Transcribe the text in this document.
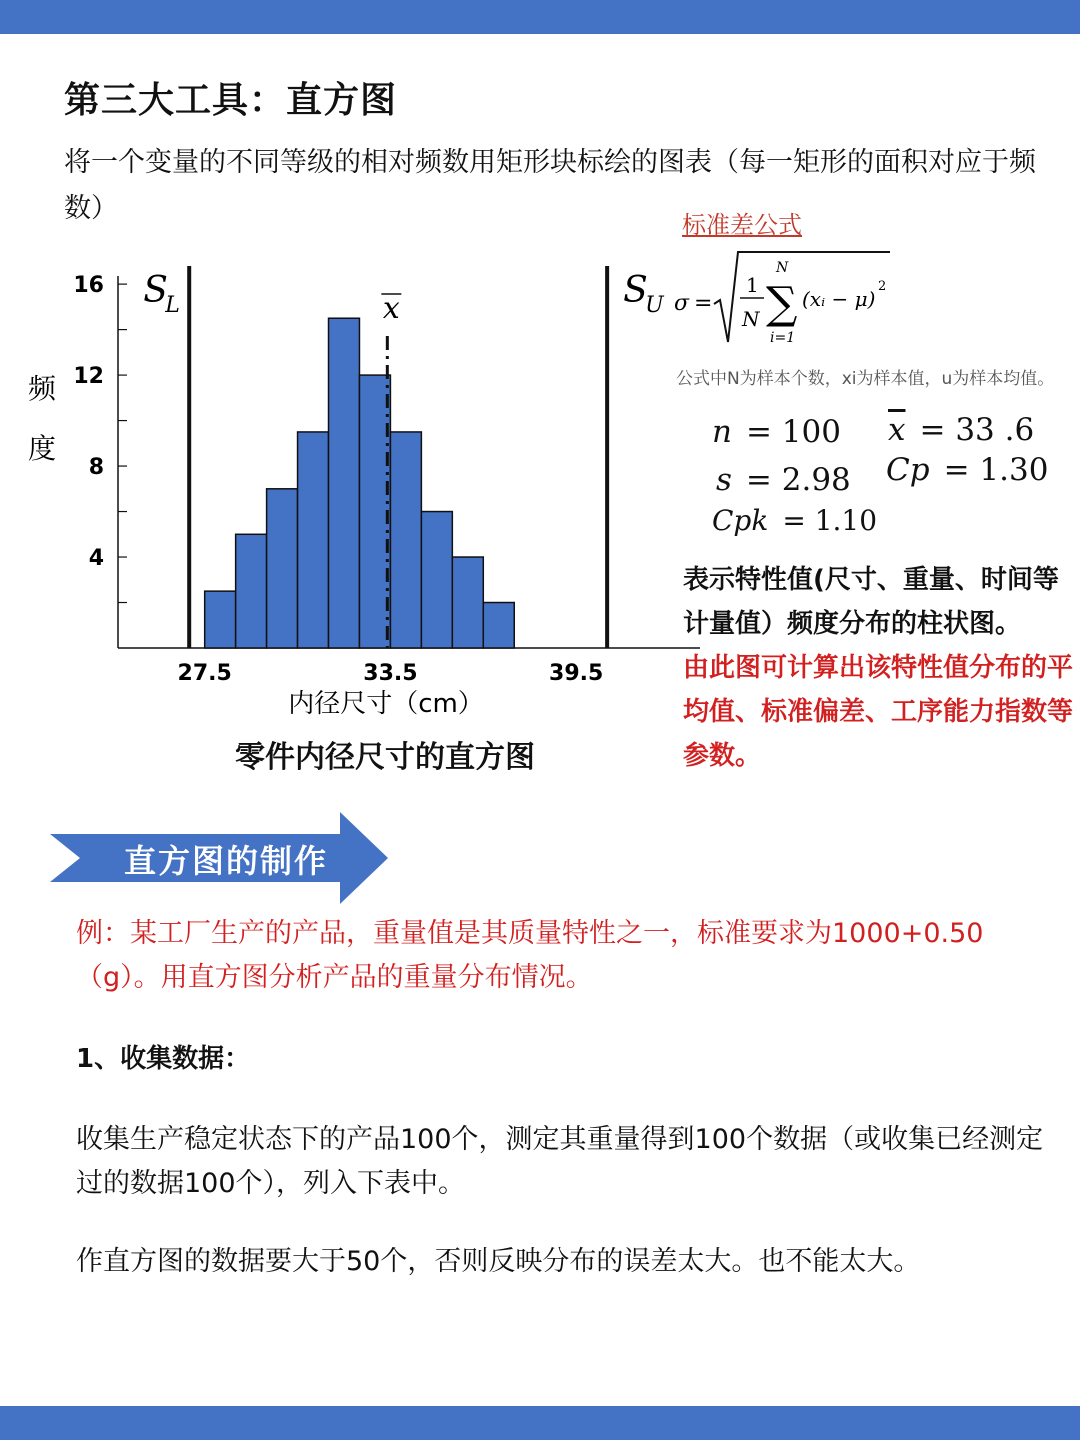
第三大工具：直方图
将一个变量的不同等级的相对频数用矩形块标绘的图表（每一矩形的面积对应于频数）
标准差公式
σ =
1
N
N
∑
i=1
(xᵢ − μ)
2
公式中N为样本个数，xi为样本值，u为样本均值。
n = 100 $\overline{x} = 33$ .6
s = 2.98 Cp = 1.30
Cpk = 1.10
表示特性值(尺寸、重量、时间等计量值）频度分布的柱状图。
由此图可计算出该特性值分布的平均值、标准偏差、工序能力指数等参数。
16
12
8
4
27.5	33.5	39.5
S
L	x	S
U
频
度
内径尺寸（cm）
零件内径尺寸的直方图
直方图的制作
例：某工厂生产的产品，重量值是其质量特性之一，标准要求为1000+0.50（g）。用直方图分析产品的重量分布情况。
1、收集数据：
收集生产稳定状态下的产品100个，测定其重量得到100个数据（或收集已经测定过的数据100个），列入下表中。
作直方图的数据要大于50个，否则反映分布的误差太大。也不能太大。
